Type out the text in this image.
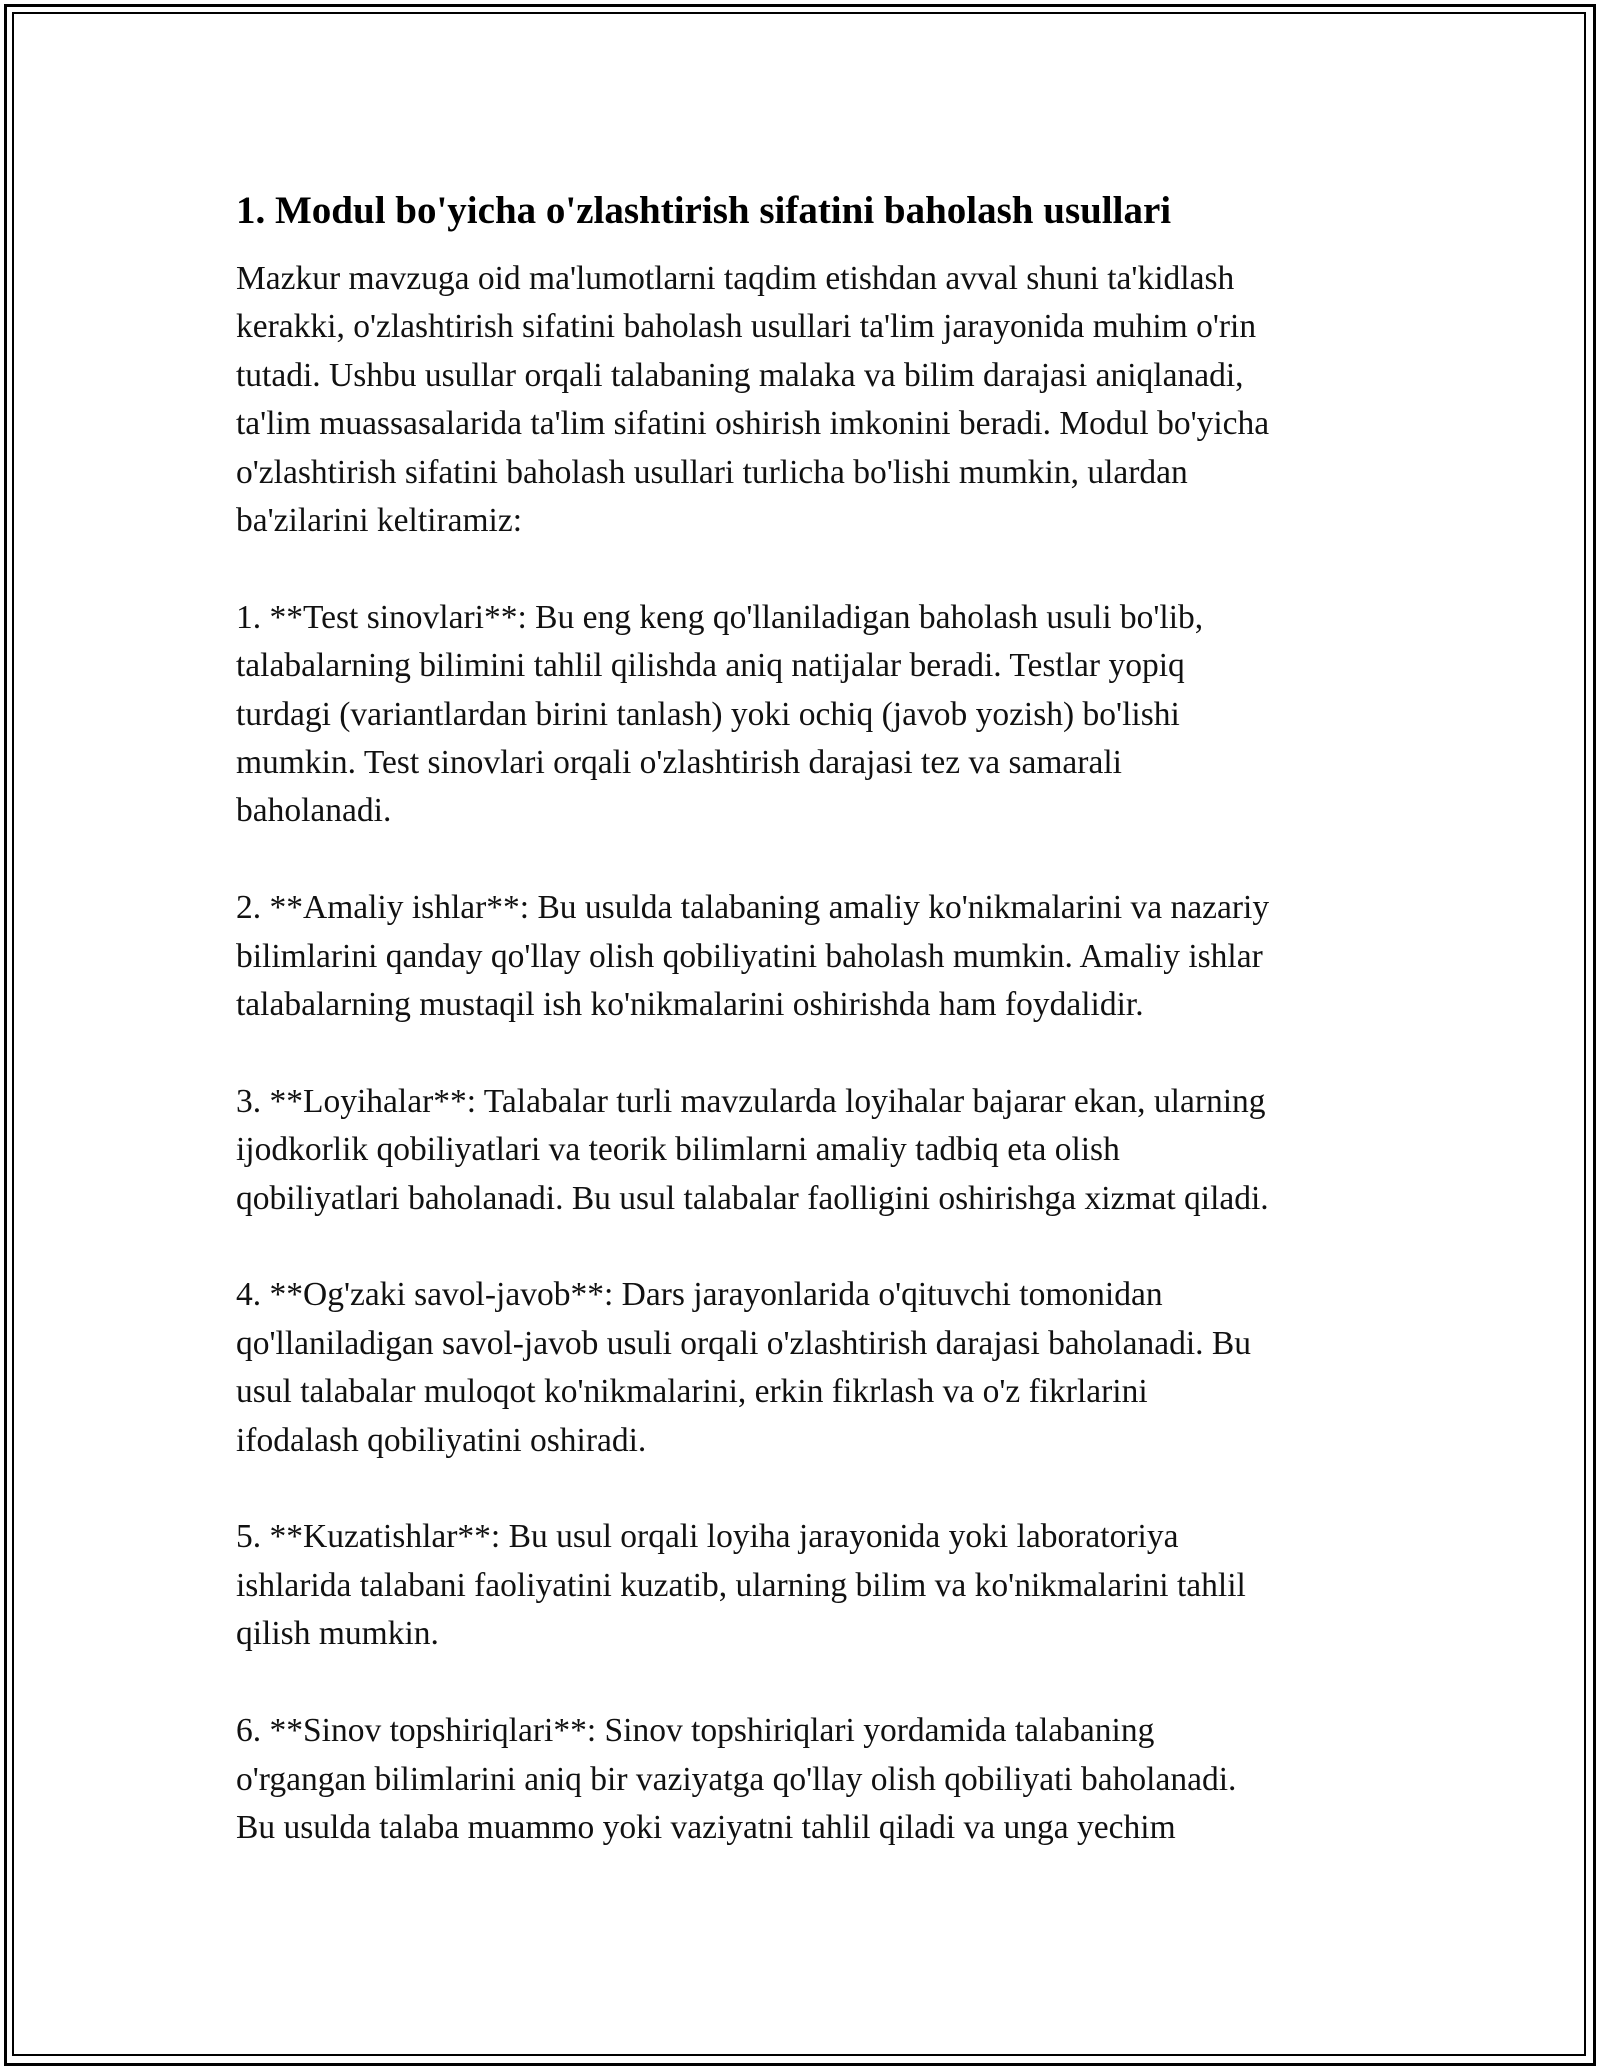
1. Modul bo'yicha o'zlashtirish sifatini baholash usullari
Mazkur mavzuga oid ma'lumotlarni taqdim etishdan avval shuni ta'kidlash
kerakki, o'zlashtirish sifatini baholash usullari ta'lim jarayonida muhim o'rin
tutadi. Ushbu usullar orqali talabaning malaka va bilim darajasi aniqlanadi,
ta'lim muassasalarida ta'lim sifatini oshirish imkonini beradi. Modul bo'yicha
o'zlashtirish sifatini baholash usullari turlicha bo'lishi mumkin, ulardan
ba'zilarini keltiramiz:
1. **Test sinovlari**: Bu eng keng qo'llaniladigan baholash usuli bo'lib,
talabalarning bilimini tahlil qilishda aniq natijalar beradi. Testlar yopiq
turdagi (variantlardan birini tanlash) yoki ochiq (javob yozish) bo'lishi
mumkin. Test sinovlari orqali o'zlashtirish darajasi tez va samarali
baholanadi.
2. **Amaliy ishlar**: Bu usulda talabaning amaliy ko'nikmalarini va nazariy
bilimlarini qanday qo'llay olish qobiliyatini baholash mumkin. Amaliy ishlar
talabalarning mustaqil ish ko'nikmalarini oshirishda ham foydalidir.
3. **Loyihalar**: Talabalar turli mavzularda loyihalar bajarar ekan, ularning
ijodkorlik qobiliyatlari va teorik bilimlarni amaliy tadbiq eta olish
qobiliyatlari baholanadi. Bu usul talabalar faolligini oshirishga xizmat qiladi.
4. **Og'zaki savol-javob**: Dars jarayonlarida o'qituvchi tomonidan
qo'llaniladigan savol-javob usuli orqali o'zlashtirish darajasi baholanadi. Bu
usul talabalar muloqot ko'nikmalarini, erkin fikrlash va o'z fikrlarini
ifodalash qobiliyatini oshiradi.
5. **Kuzatishlar**: Bu usul orqali loyiha jarayonida yoki laboratoriya
ishlarida talabani faoliyatini kuzatib, ularning bilim va ko'nikmalarini tahlil
qilish mumkin.
6. **Sinov topshiriqlari**: Sinov topshiriqlari yordamida talabaning
o'rgangan bilimlarini aniq bir vaziyatga qo'llay olish qobiliyati baholanadi.
Bu usulda talaba muammo yoki vaziyatni tahlil qiladi va unga yechim
